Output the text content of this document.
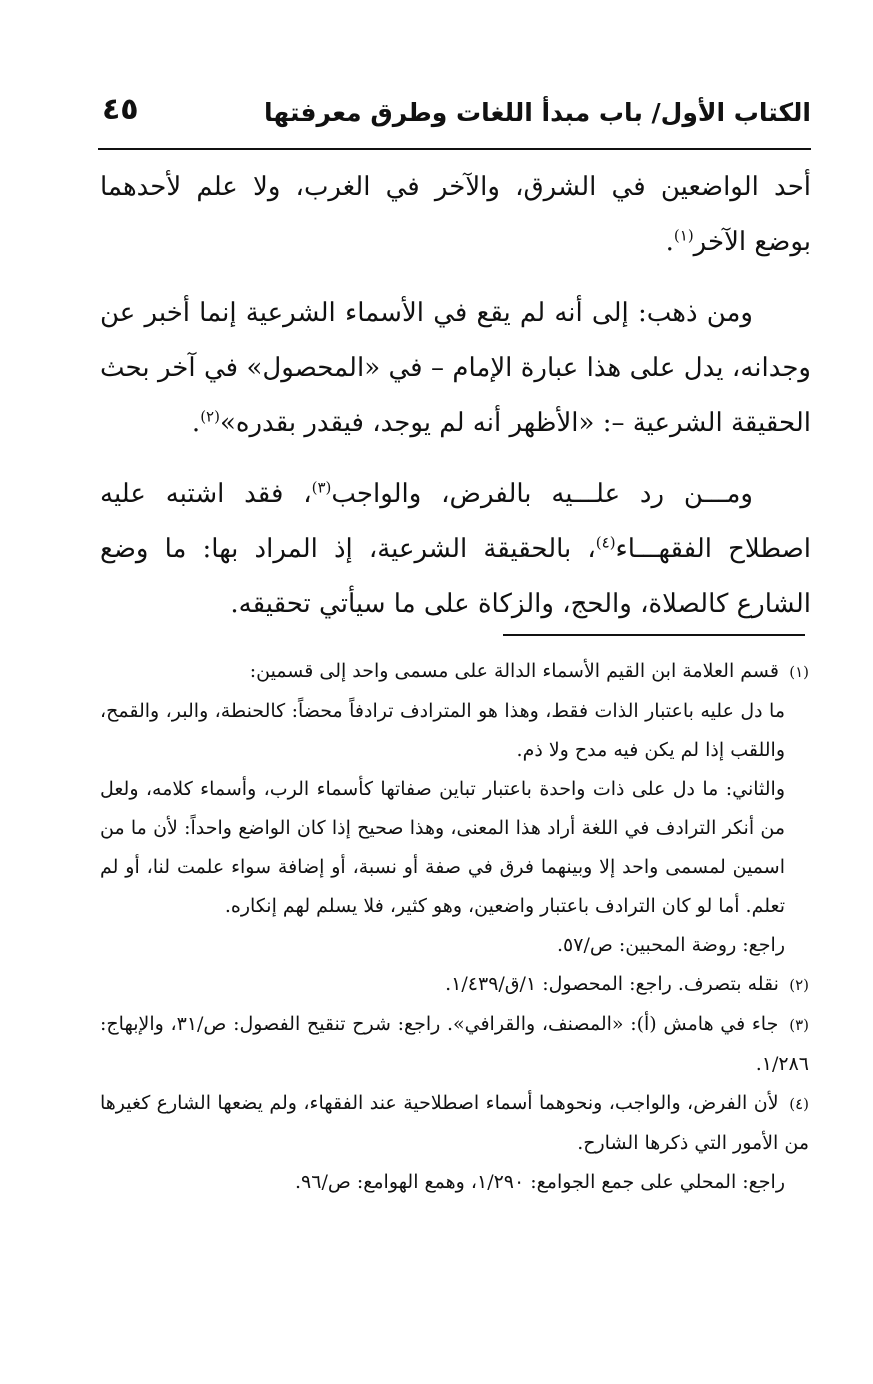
الكتاب الأول/ باب مبدأ اللغات وطرق معرفتها
٤٥

أحد الواضعين في الشرق، والآخر في الغرب، ولا علم لأحدهما بوضع الآخر$^{(١)}$.

ومن ذهب: إلى أنه لم يقع في الأسماء الشرعية إنما أخبر عن وجدانه، يدل على هذا عبارة الإمام – في «المحصول» في آخر بحث الحقيقة الشرعية –: «الأظهر أنه لم يوجد، فيقدر بقدره»$^{(٢)}$.

ومـــن رد علـــيه بالفرض، والواجب$^{(٣)}$، فقد اشتبه عليه اصطلاح الفقهـــاء$^{(٤)}$، بالحقيقة الشرعية، إذ المراد بها: ما وضع الشارع كالصلاة، والحج، والزكاة على ما سيأتي تحقيقه.

(١) قسم العلامة ابن القيم الأسماء الدالة على مسمى واحد إلى قسمين:

ما دل عليه باعتبار الذات فقط، وهذا هو المترادف ترادفاً محضاً: كالحنطة، والبر، والقمح، واللقب إذا لم يكن فيه مدح ولا ذم.

والثاني: ما دل على ذات واحدة باعتبار تباين صفاتها كأسماء الرب، وأسماء كلامه، ولعل من أنكر الترادف في اللغة أراد هذا المعنى، وهذا صحيح إذا كان الواضع واحداً: لأن ما من اسمين لمسمى واحد إلا وبينهما فرق في صفة أو نسبة، أو إضافة سواء علمت لنا، أو لم تعلم. أما لو كان الترادف باعتبار واضعين، وهو كثير، فلا يسلم لهم إنكاره.

راجع: روضة المحبين: ص/٥٧.

(٢) نقله بتصرف. راجع: المحصول: ١/ق/١/٤٣٩.

(٣) جاء في هامش (أ): «المصنف، والقرافي». راجع: شرح تنقيح الفصول: ص/٣١، والإبهاج: ١/٢٨٦.

(٤) لأن الفرض، والواجب، ونحوهما أسماء اصطلاحية عند الفقهاء، ولم يضعها الشارع كغيرها من الأمور التي ذكرها الشارح.

راجع: المحلي على جمع الجوامع: ١/٢٩٠، وهمع الهوامع: ص/٩٦.
